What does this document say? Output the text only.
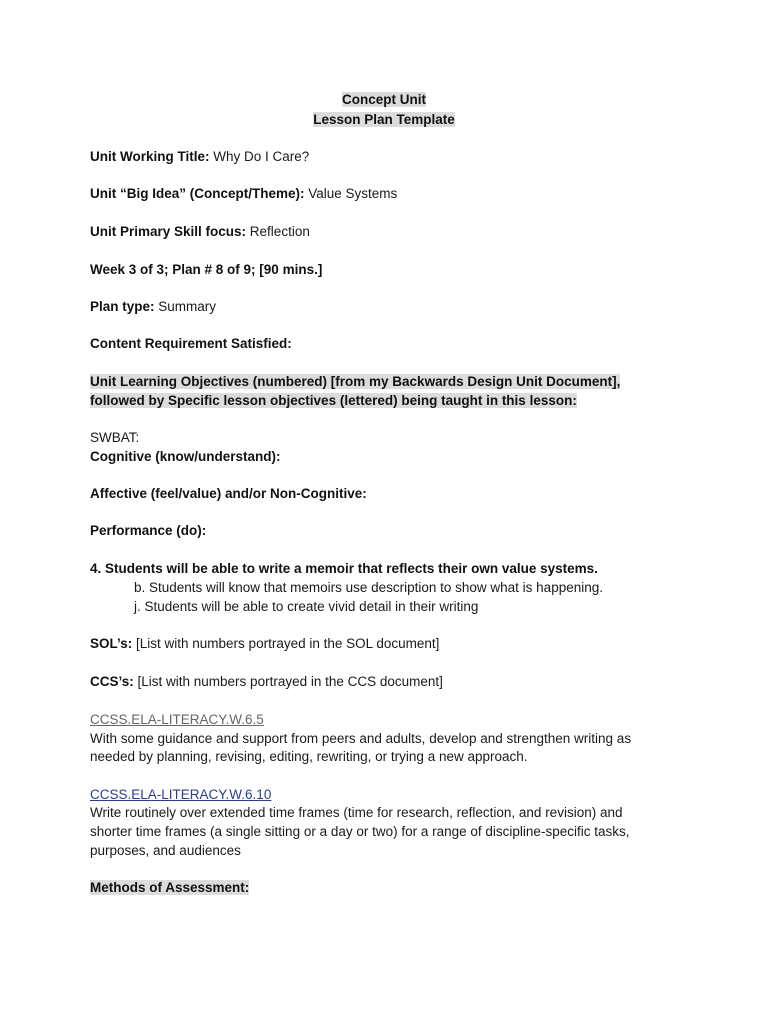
Concept Unit
Lesson Plan Template
Unit Working Title: Why Do I Care?
Unit “Big Idea” (Concept/Theme): Value Systems
Unit Primary Skill focus: Reflection
Week 3 of 3; Plan # 8 of 9; [90 mins.]
Plan type: Summary
Content Requirement Satisfied:
Unit Learning Objectives (numbered) [from my Backwards Design Unit Document],
followed by Specific lesson objectives (lettered) being taught in this lesson:
SWBAT:
Cognitive (know/understand):
Affective (feel/value) and/or Non-Cognitive:
Performance (do):
4. Students will be able to write a memoir that reflects their own value systems.
b. Students will know that memoirs use description to show what is happening.
j. Students will be able to create vivid detail in their writing
SOL’s: [List with numbers portrayed in the SOL document]
CCS’s: [List with numbers portrayed in the CCS document]
CCSS.ELA-LITERACY.W.6.5
With some guidance and support from peers and adults, develop and strengthen writing as
needed by planning, revising, editing, rewriting, or trying a new approach.
CCSS.ELA-LITERACY.W.6.10
Write routinely over extended time frames (time for research, reflection, and revision) and
shorter time frames (a single sitting or a day or two) for a range of discipline-specific tasks,
purposes, and audiences
Methods of Assessment:
